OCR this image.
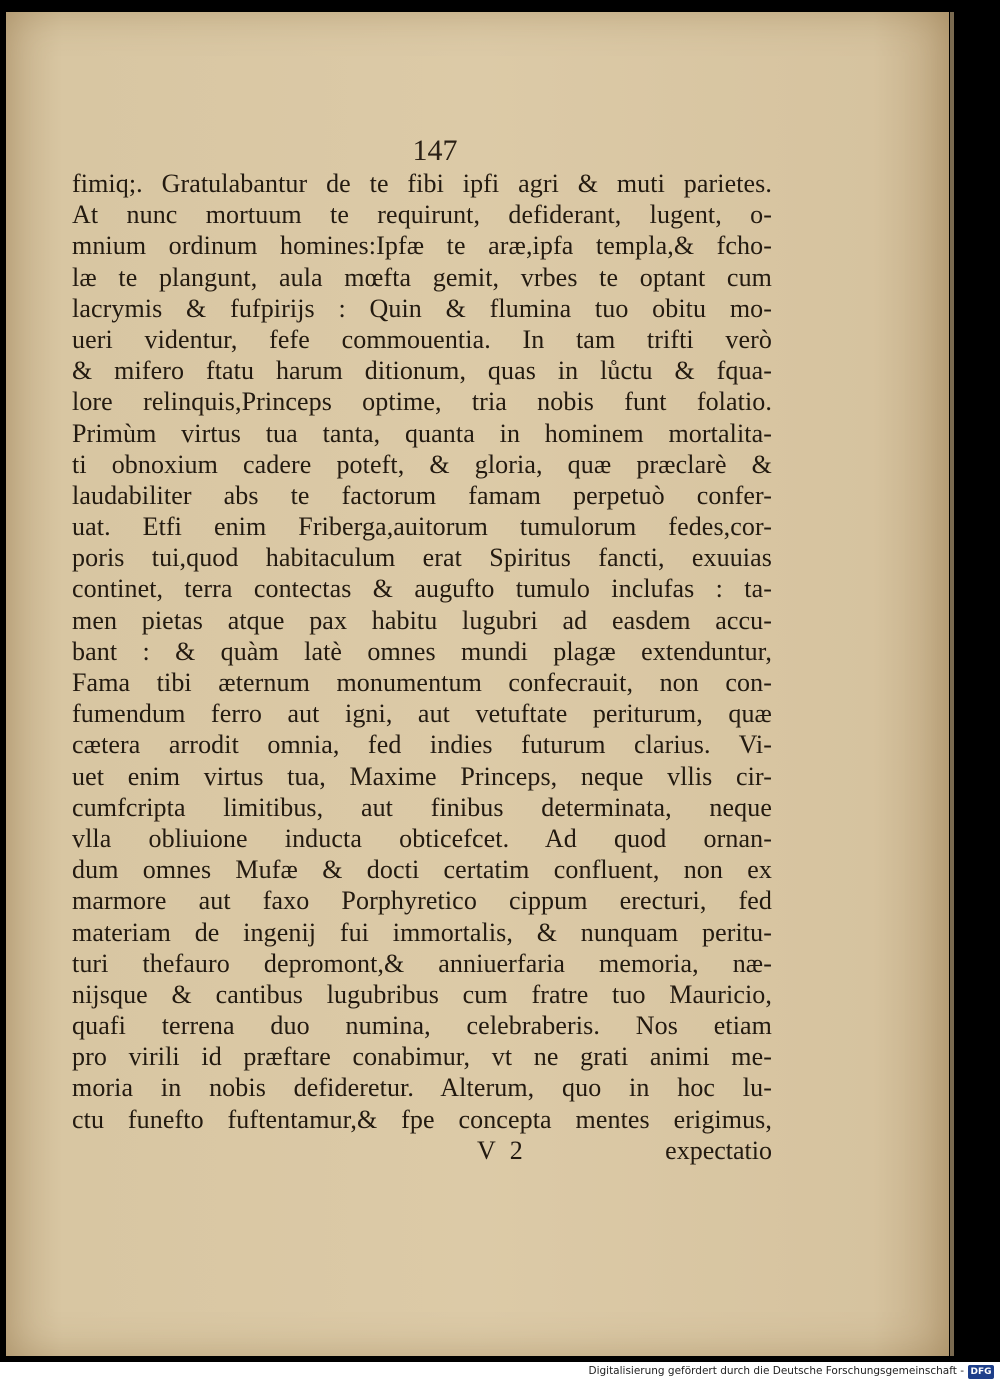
147
fimiq;. Gratulabantur de te fibi ipfi agri & muti parietes.
At nunc mortuum te requirunt, defiderant, lugent, o-
mnium ordinum homines:Ipfæ te aræ,ipfa templa,& fcho-
læ te plangunt, aula mœfta gemit, vrbes te optant cum
lacrymis & fufpirijs : Quin & flumina tuo obitu mo-
ueri videntur, fefe commouentia. In tam trifti verò
& mifero ftatu harum ditionum, quas in lůctu & fqua-
lore relinquis,Princeps optime, tria nobis funt folatio.
Primùm virtus tua tanta, quanta in hominem mortalita-
ti obnoxium cadere poteft, & gloria, quæ præclarè &
laudabiliter abs te factorum famam perpetuò confer-
uat. Etfi enim Friberga,auitorum tumulorum fedes,cor-
poris tui,quod habitaculum erat Spiritus fancti, exuuias
continet, terra contectas & augufto tumulo inclufas : ta-
men pietas atque pax habitu lugubri ad easdem accu-
bant : & quàm latè omnes mundi plagæ extenduntur,
Fama tibi æternum monumentum confecrauit, non con-
fumendum ferro aut igni, aut vetuftate periturum, quæ
cætera arrodit omnia, fed indies futurum clarius. Vi-
uet enim virtus tua, Maxime Princeps, neque vllis cir-
cumfcripta limitibus, aut finibus determinata, neque
vlla obliuione inducta obticefcet. Ad quod ornan-
dum omnes Mufæ & docti certatim confluent, non ex
marmore aut faxo Porphyretico cippum erecturi, fed
materiam de ingenij fui immortalis, & nunquam peritu-
turi thefauro depromont,& anniuerfaria memoria, næ-
nijsque & cantibus lugubribus cum fratre tuo Mauricio,
quafi terrena duo numina, celebraberis. Nos etiam
pro virili id præftare conabimur, vt ne grati animi me-
moria in nobis defideretur. Alterum, quo in hoc lu-
ctu funefto fuftentamur,& fpe concepta mentes erigimus,
V 2	expectatio
Digitalisierung gefördert durch die Deutsche Forschungsgemeinschaft - DFG
